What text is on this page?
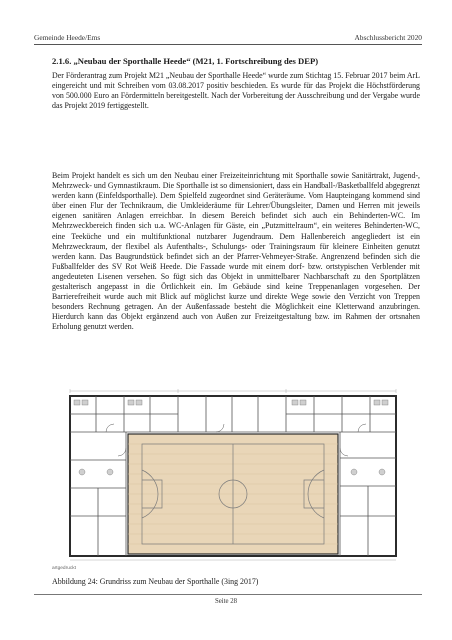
Gemeinde Heede/Ems	Abschlussbericht 2020
2.1.6. „Neubau der Sporthalle Heede“ (M21, 1. Fortschreibung des DEP)
Der Förderantrag zum Projekt M21 „Neubau der Sporthalle Heede“ wurde zum Stichtag 15. Februar 2017 beim ArL eingereicht und mit Schreiben vom 03.08.2017 positiv beschieden. Es wurde für das Projekt die Höchstförderung von 500.000 Euro an Fördermitteln bereitgestellt. Nach der Vorbereitung der Ausschreibung und der Vergabe wurde das Projekt 2019 fertiggestellt.
Beim Projekt handelt es sich um den Neubau einer Freizeiteinrichtung mit Sporthalle sowie Sanitärtrakt, Jugend-, Mehrzweck- und Gymnastikraum. Die Sporthalle ist so dimensioniert, dass ein Handball-/Basketballfeld abgegrenzt werden kann (Einfeldsporthalle). Dem Spielfeld zugeordnet sind Geräteräume. Vom Haupteingang kommend sind über einen Flur der Technikraum, die Umkleideräume für Lehrer/Übungsleiter, Damen und Herren mit jeweils eigenen sanitären Anlagen erreichbar. In diesem Bereich befindet sich auch ein Behinderten-WC. Im Mehrzweckbereich finden sich u.a. WC-Anlagen für Gäste, ein „Putzmittelraum“, ein weiteres Behinderten-WC, eine Teeküche und ein multifunktional nutzbarer Jugendraum. Dem Hallenbereich angegliedert ist ein Mehrzweckraum, der flexibel als Aufenthalts-, Schulungs- oder Trainingsraum für kleinere Einheiten genutzt werden kann. Das Baugrundstück befindet sich an der Pfarrer-Vehmeyer-Straße. Angrenzend befinden sich die Fußballfelder des SV Rot Weiß Heede. Die Fassade wurde mit einem dorf- bzw. ortstypischen Verblender mit angedeuteten Lisenen versehen. So fügt sich das Objekt in unmittelbarer Nachbarschaft zu den Sportplätzen gestalterisch angepasst in die Örtlichkeit ein. Im Gebäude sind keine Treppenanlagen vorgesehen. Der Barrierefreiheit wurde auch mit Blick auf möglichst kurze und direkte Wege sowie den Verzicht von Treppen besonders Rechnung getragen. An der Außenfassade besteht die Möglichkeit eine Kletterwand anzubringen. Hierdurch kann das Objekt ergänzend auch von Außen zur Freizeitgestaltung bzw. im Rahmen der ortsnahen Erholung genutzt werden.
artgedruckt
Abbildung 24: Grundriss zum Neubau der Sporthalle (3ing 2017)
Seite 28
